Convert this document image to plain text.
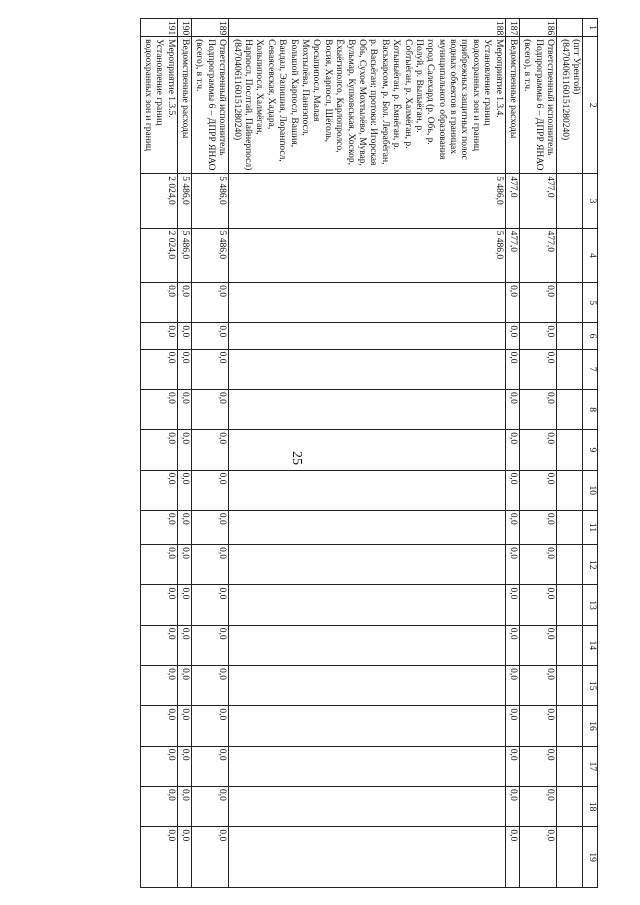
25
1	2	3	4	5	6	7	8	9	10	11	12	13	14	15	16	17	18	19
	(пгт Уренгой) (84704061160151280240)																	
186.	Ответственный исполнитель Подпрограммы 6 – ДПРР ЯНАО (всего), в т.ч.	477,0	477,0	0,0	0,0	0,0	0,0	0,0	0,0	0,0	0,0	0,0	0,0	0,0	0,0	0,0	0,0	0,0
187.	Ведомственные расходы	477,0	477,0	0,0	0,0	0,0	0,0	0,0	0,0	0,0	0,0	0,0	0,0	0,0	0,0	0,0	0,0	0,0
188.	Мероприятие 1.3.4. Установление границ водоохранных зон и границ прибрежных защитных полос водных объектов в границах муниципального образования город Салехард (р. Обь, р. Полуй, р. Вылыёган, р. Собтыёган, р. Халмёган, р. Хотыныёган, р. Ёмнёган, р. Васькарсом, р. Бол. Лерабёган, р. Васьёган; протоки: Игорская Обь, Сухое Мохтылёво, Мувар, Вульмар, Купковськая, Хоскор, Ёхыёгиполсо, Карлопролсо, Восия, Харпосл, Шёголь, Орсыпипосл, Малая Мохтылёва, Паннэпосл, Большой Харпосл, Вашия, Вандал, Эалишия, Лоранпосл, Севаясевская, Хадара, Хольпипосл, Халмёган, Нарпосл, Послтай, Пайнерпосл) (84704061160151280240)	5 486,0	5 486,0															
189.	Ответственный исполнитель Подпрограммы 6 – ДПРР ЯНАО (всего), в т.ч.	5 486,0	5 486,0	0,0	0,0	0,0	0,0	0,0	0,0	0,0	0,0	0,0	0,0	0,0	0,0	0,0	0,0	0,0
190.	Ведомственные расходы	5 486,0	5 486,0	0,0	0,0	0,0	0,0	0,0	0,0	0,0	0,0	0,0	0,0	0,0	0,0	0,0	0,0	0,0
191.	Мероприятие 1.3.5. Установление границ водоохранных зон и границ	2 024,0	2 024,0	0,0	0,0	0,0	0,0	0,0	0,0	0,0	0,0	0,0	0,0	0,0	0,0	0,0	0,0	0,0
